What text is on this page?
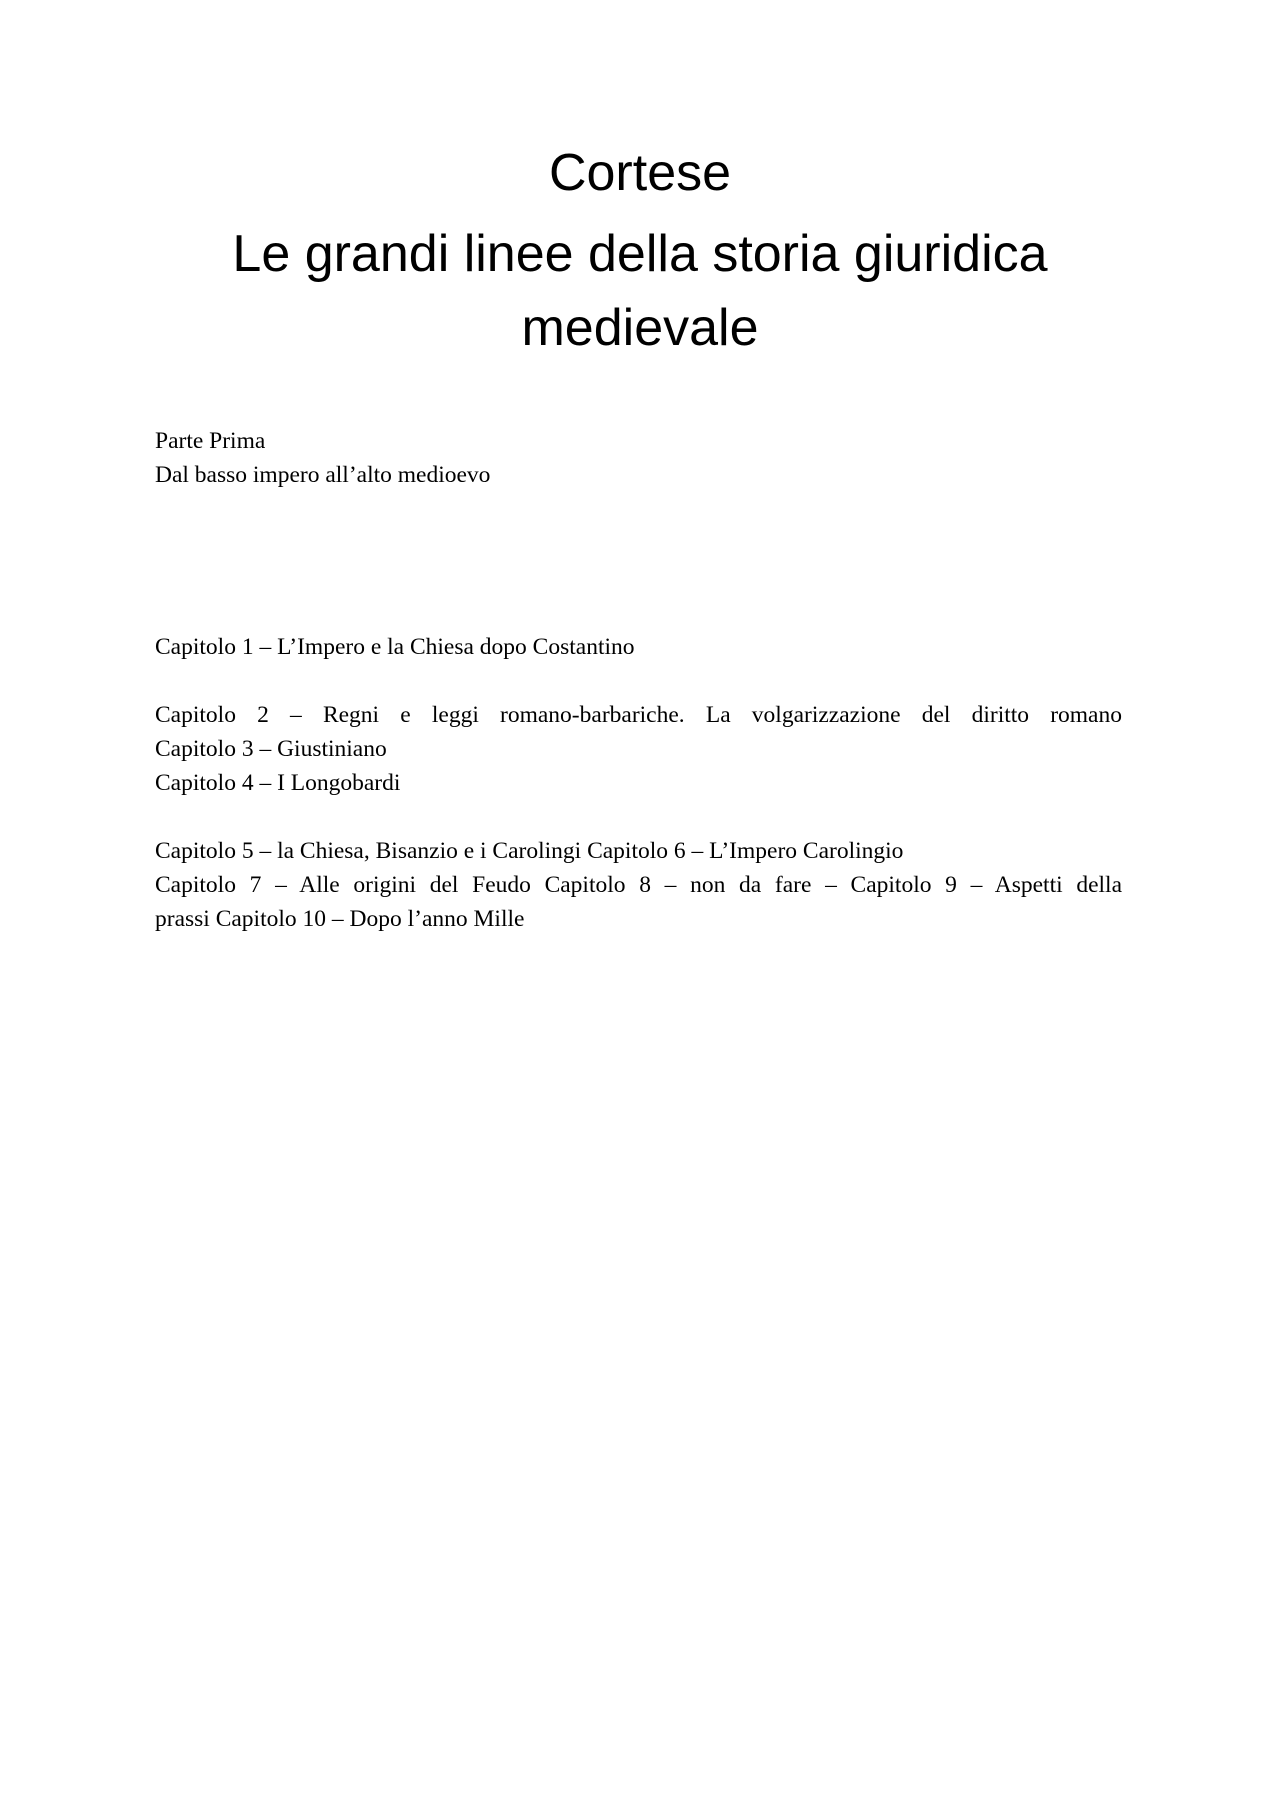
Cortese
Le grandi linee della storia giuridica
medievale
Parte Prima
Dal basso impero all’alto medioevo
Capitolo 1 – L’Impero e la Chiesa dopo Costantino
Capitolo 2 – Regni e leggi romano-barbariche. La volgarizzazione del diritto romano
Capitolo 3 – Giustiniano
Capitolo 4 – I Longobardi
Capitolo 5 – la Chiesa, Bisanzio e i Carolingi Capitolo 6 – L’Impero Carolingio
Capitolo 7 – Alle origini del Feudo Capitolo 8 – non da fare – Capitolo 9 – Aspetti della
prassi Capitolo 10 – Dopo l’anno Mille
